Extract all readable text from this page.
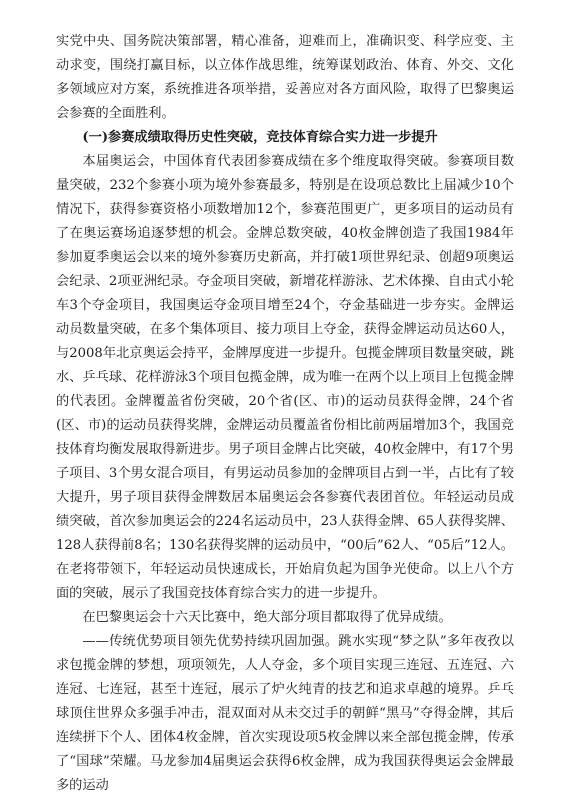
实党中央、国务院决策部署，精心准备，迎难而上，准确识变、科学应变、主动求变，围绕打赢目标，以立体作战思维，统筹谋划政治、体育、外交、文化多领域应对方案，系统推进各项举措，妥善应对各方面风险，取得了巴黎奥运会参赛的全面胜利。

(一)参赛成绩取得历史性突破，竞技体育综合实力进一步提升

本届奥运会，中国体育代表团参赛成绩在多个维度取得突破。参赛项目数量突破，232个参赛小项为境外参赛最多，特别是在设项总数比上届减少10个情况下，获得参赛资格小项数增加12个，参赛范围更广，更多项目的运动员有了在奥运赛场追逐梦想的机会。金牌总数突破，40枚金牌创造了我国1984年参加夏季奥运会以来的境外参赛历史新高，并打破1项世界纪录、创超9项奥运会纪录、2项亚洲纪录。夺金项目突破，新增花样游泳、艺术体操、自由式小轮车3个夺金项目，我国奥运夺金项目增至24个，夺金基础进一步夯实。金牌运动员数量突破，在多个集体项目、接力项目上夺金，获得金牌运动员达60人，与2008年北京奥运会持平，金牌厚度进一步提升。包揽金牌项目数量突破，跳水、乒乓球、花样游泳3个项目包揽金牌，成为唯一在两个以上项目上包揽金牌的代表团。金牌覆盖省份突破，20个省(区、市)的运动员获得金牌，24个省(区、市)的运动员获得奖牌，金牌运动员覆盖省份相比前两届增加3个，我国竞技体育均衡发展取得新进步。男子项目金牌占比突破，40枚金牌中，有17个男子项目、3个男女混合项目，有男运动员参加的金牌项目占到一半，占比有了较大提升，男子项目获得金牌数居本届奥运会各参赛代表团首位。年轻运动员成绩突破，首次参加奥运会的224名运动员中，23人获得金牌、65人获得奖牌、128人获得前8名；130名获得奖牌的运动员中，“00后”62人、“05后”12人。在老将带领下，年轻运动员快速成长，开始肩负起为国争光使命。以上八个方面的突破，展示了我国竞技体育综合实力的进一步提升。

在巴黎奥运会十六天比赛中，绝大部分项目都取得了优异成绩。

——传统优势项目领先优势持续巩固加强。跳水实现“梦之队”多年夜孜以求包揽金牌的梦想，项项领先，人人夺金，多个项目实现三连冠、五连冠、六连冠、七连冠，甚至十连冠，展示了炉火纯青的技艺和追求卓越的境界。乒乓球顶住世界众多强手冲击，混双面对从未交过手的朝鲜“黑马”夺得金牌，其后连续拼下个人、团体4枚金牌，首次实现设项5枚金牌以来全部包揽金牌，传承了“国球”荣耀。马龙参加4届奥运会获得6枚金牌，成为我国获得奥运会金牌最多的运动
